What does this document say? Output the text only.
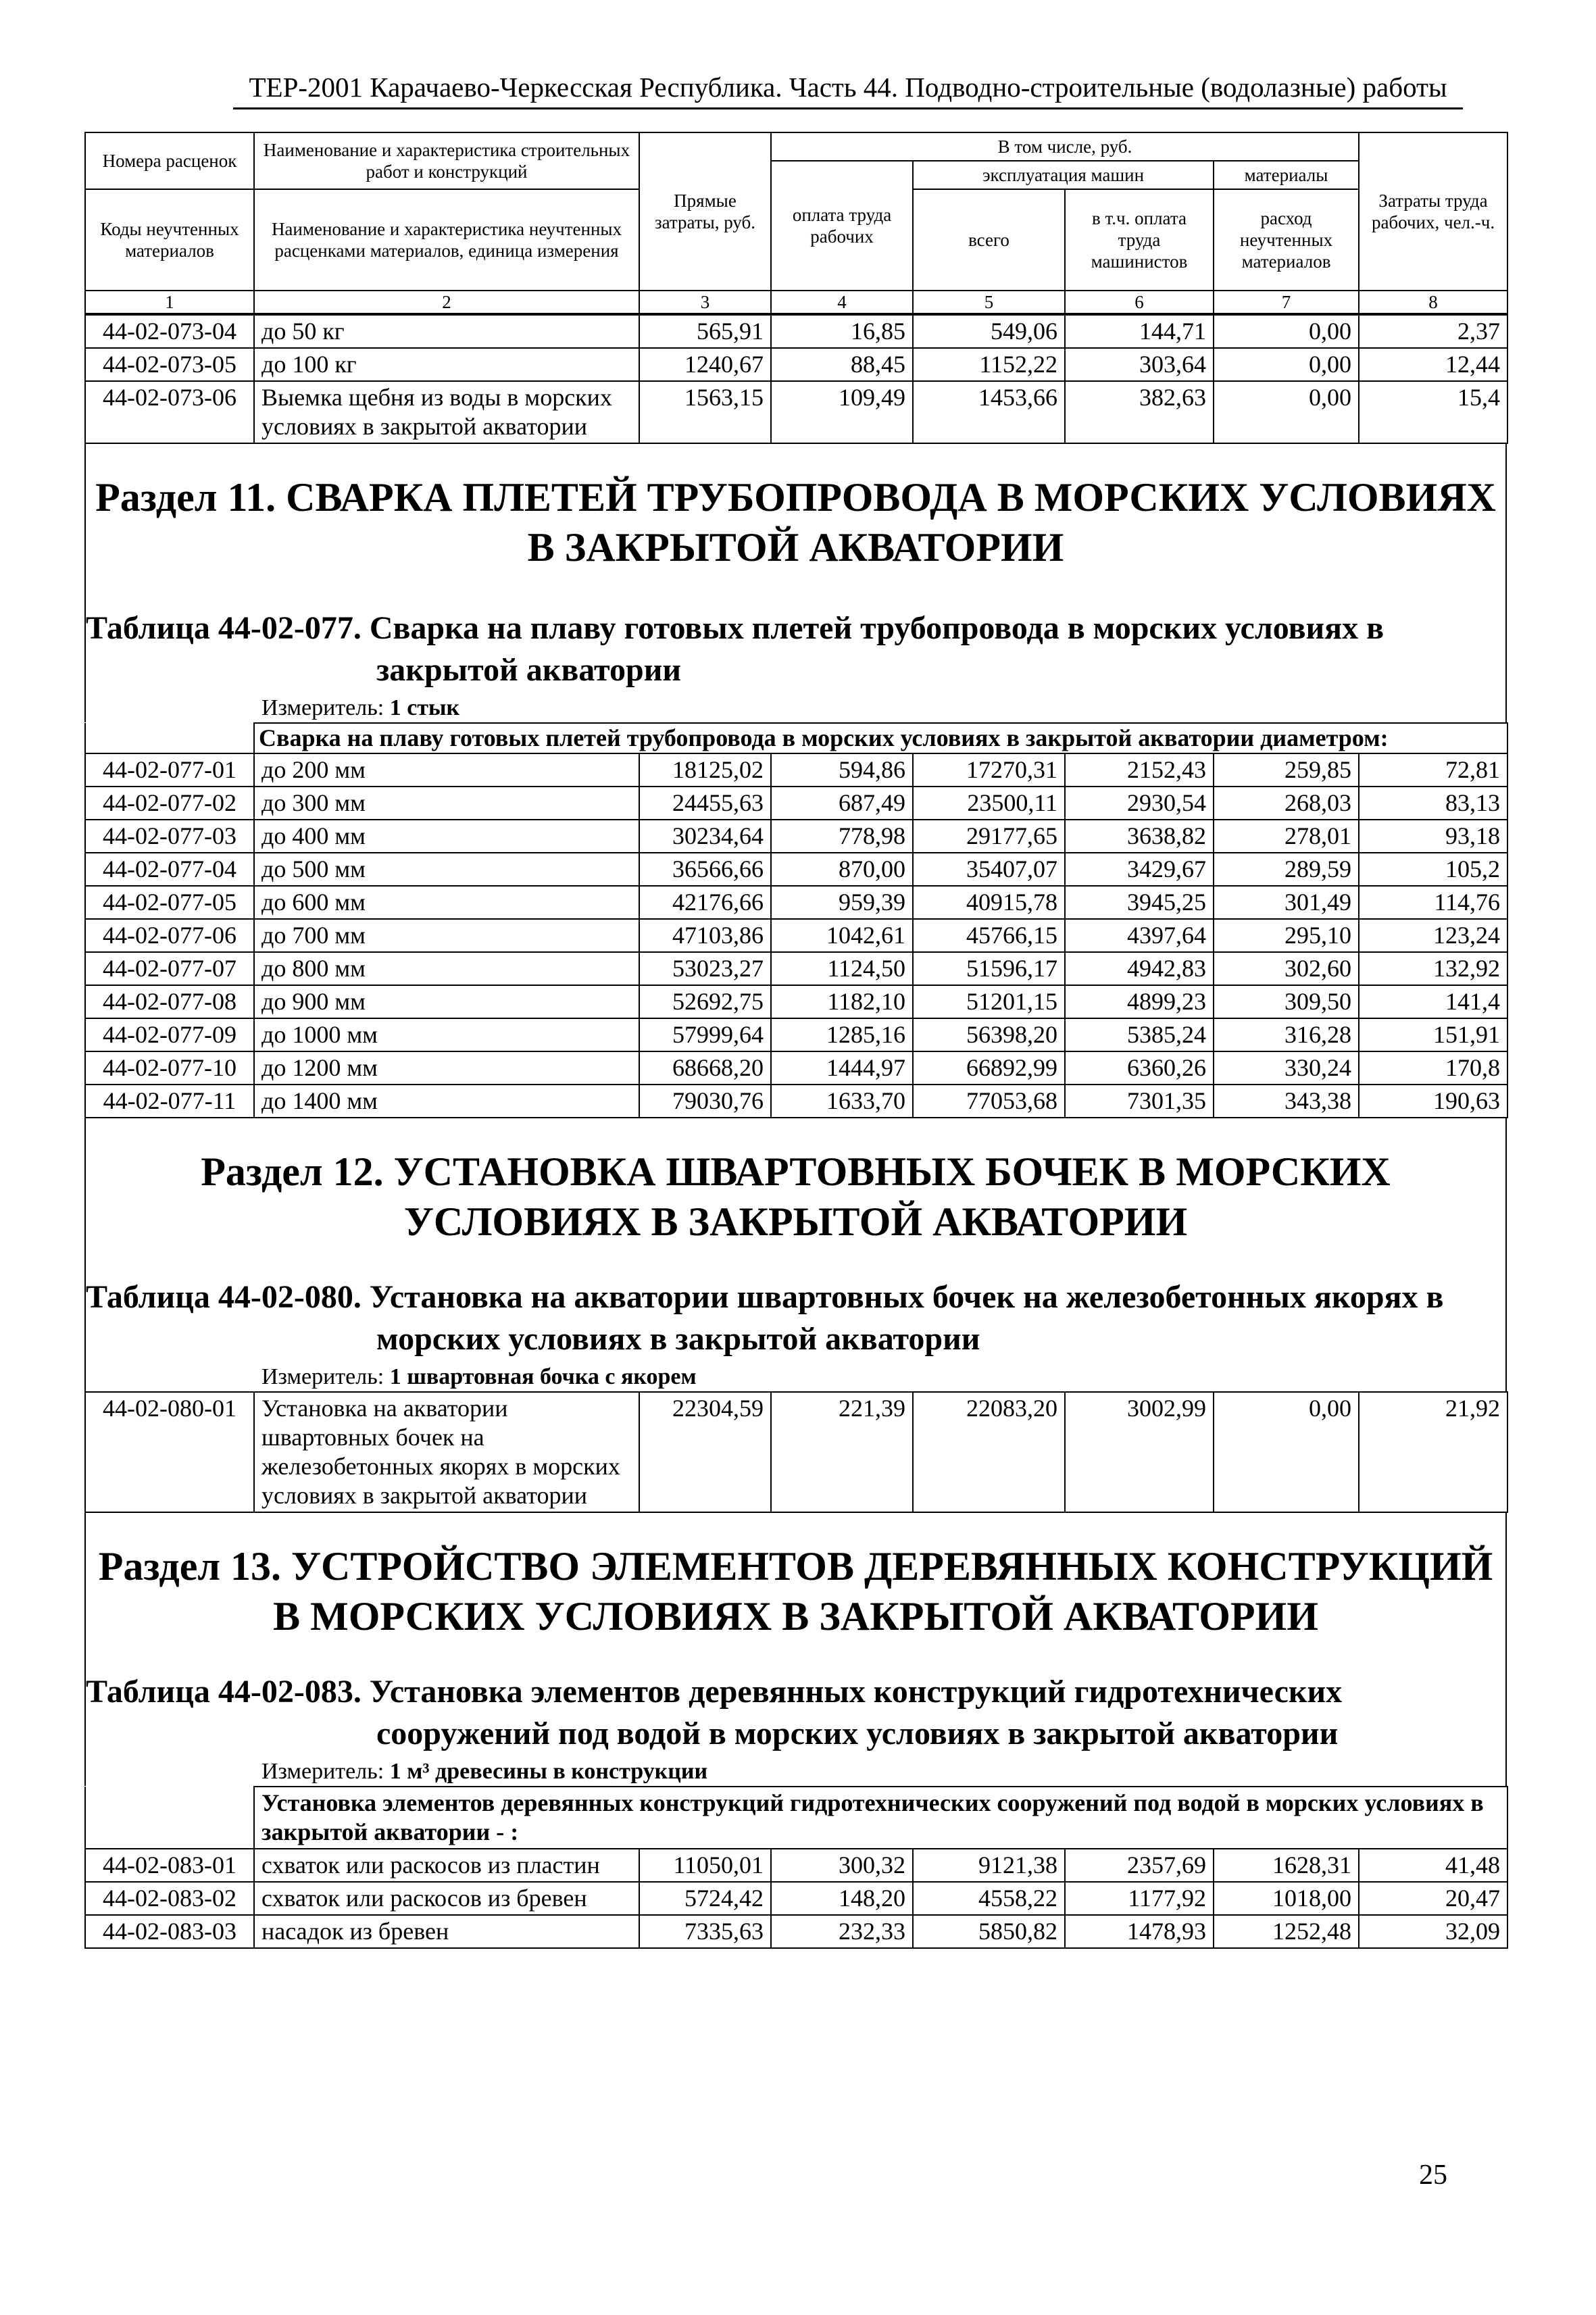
ТЕР-2001 Карачаево-Черкесская Республика. Часть 44. Подводно-строительные (водолазные) работы
Номера расценок	Наименование и характеристика строительных работ и конструкций	Прямые затраты, руб.	В том числе, руб.				Затраты труда рабочих, чел.-ч.
			оплата труда рабочих	эксплуатация машин		материалы	
Коды неучтенных материалов	Наименование и характеристика неучтенных расценками материалов, единица измерения			всего	в т.ч. оплата труда машинистов	расход неучтенных материалов	
1	2	3	4	5	6	7	8
44-02-073-04	до 50 кг	565,91	16,85	549,06	144,71	0,00	2,37
44-02-073-05	до 100 кг	1240,67	88,45	1152,22	303,64	0,00	12,44
44-02-073-06	Выемка щебня из воды в морских условиях в закрытой акватории	1563,15	109,49	1453,66	382,63	0,00	15,4
Раздел 11. СВАРКА ПЛЕТЕЙ ТРУБОПРОВОДА В МОРСКИХ УСЛОВИЯХ В ЗАКРЫТОЙ АКВАТОРИИ
Таблица 44-02-077. Сварка на плаву готовых плетей трубопровода в морских условиях в закрытой акватории

Измеритель: 1 стык

	Сварка на плаву готовых плетей трубопровода в морских условиях в закрытой акватории диаметром:						
44-02-077-01	до 200 мм	18125,02	594,86	17270,31	2152,43	259,85	72,81
44-02-077-02	до 300 мм	24455,63	687,49	23500,11	2930,54	268,03	83,13
44-02-077-03	до 400 мм	30234,64	778,98	29177,65	3638,82	278,01	93,18
44-02-077-04	до 500 мм	36566,66	870,00	35407,07	3429,67	289,59	105,2
44-02-077-05	до 600 мм	42176,66	959,39	40915,78	3945,25	301,49	114,76
44-02-077-06	до 700 мм	47103,86	1042,61	45766,15	4397,64	295,10	123,24
44-02-077-07	до 800 мм	53023,27	1124,50	51596,17	4942,83	302,60	132,92
44-02-077-08	до 900 мм	52692,75	1182,10	51201,15	4899,23	309,50	141,4
44-02-077-09	до 1000 мм	57999,64	1285,16	56398,20	5385,24	316,28	151,91
44-02-077-10	до 1200 мм	68668,20	1444,97	66892,99	6360,26	330,24	170,8
44-02-077-11	до 1400 мм	79030,76	1633,70	77053,68	7301,35	343,38	190,63
Раздел 12. УСТАНОВКА ШВАРТОВНЫХ БОЧЕК В МОРСКИХ УСЛОВИЯХ В ЗАКРЫТОЙ АКВАТОРИИ
Таблица 44-02-080. Установка на акватории швартовных бочек на железобетонных якорях в морских условиях в закрытой акватории

Измеритель: 1 швартовная бочка с якорем

44-02-080-01	Установка на акватории швартовных бочек на железобетонных якорях в морских условиях в закрытой акватории	22304,59	221,39	22083,20	3002,99	0,00	21,92
Раздел 13. УСТРОЙСТВО ЭЛЕМЕНТОВ ДЕРЕВЯННЫХ КОНСТРУКЦИЙ В МОРСКИХ УСЛОВИЯХ В ЗАКРЫТОЙ АКВАТОРИИ
Таблица 44-02-083. Установка элементов деревянных конструкций гидротехнических сооружений под водой в морских условиях в закрытой акватории

Измеритель: 1 м³ древесины в конструкции

	Установка элементов деревянных конструкций гидротехнических сооружений под водой в морских условиях в закрытой акватории - :						
44-02-083-01	схваток или раскосов из пластин	11050,01	300,32	9121,38	2357,69	1628,31	41,48
44-02-083-02	схваток или раскосов из бревен	5724,42	148,20	4558,22	1177,92	1018,00	20,47
44-02-083-03	насадок из бревен	7335,63	232,33	5850,82	1478,93	1252,48	32,09
25
